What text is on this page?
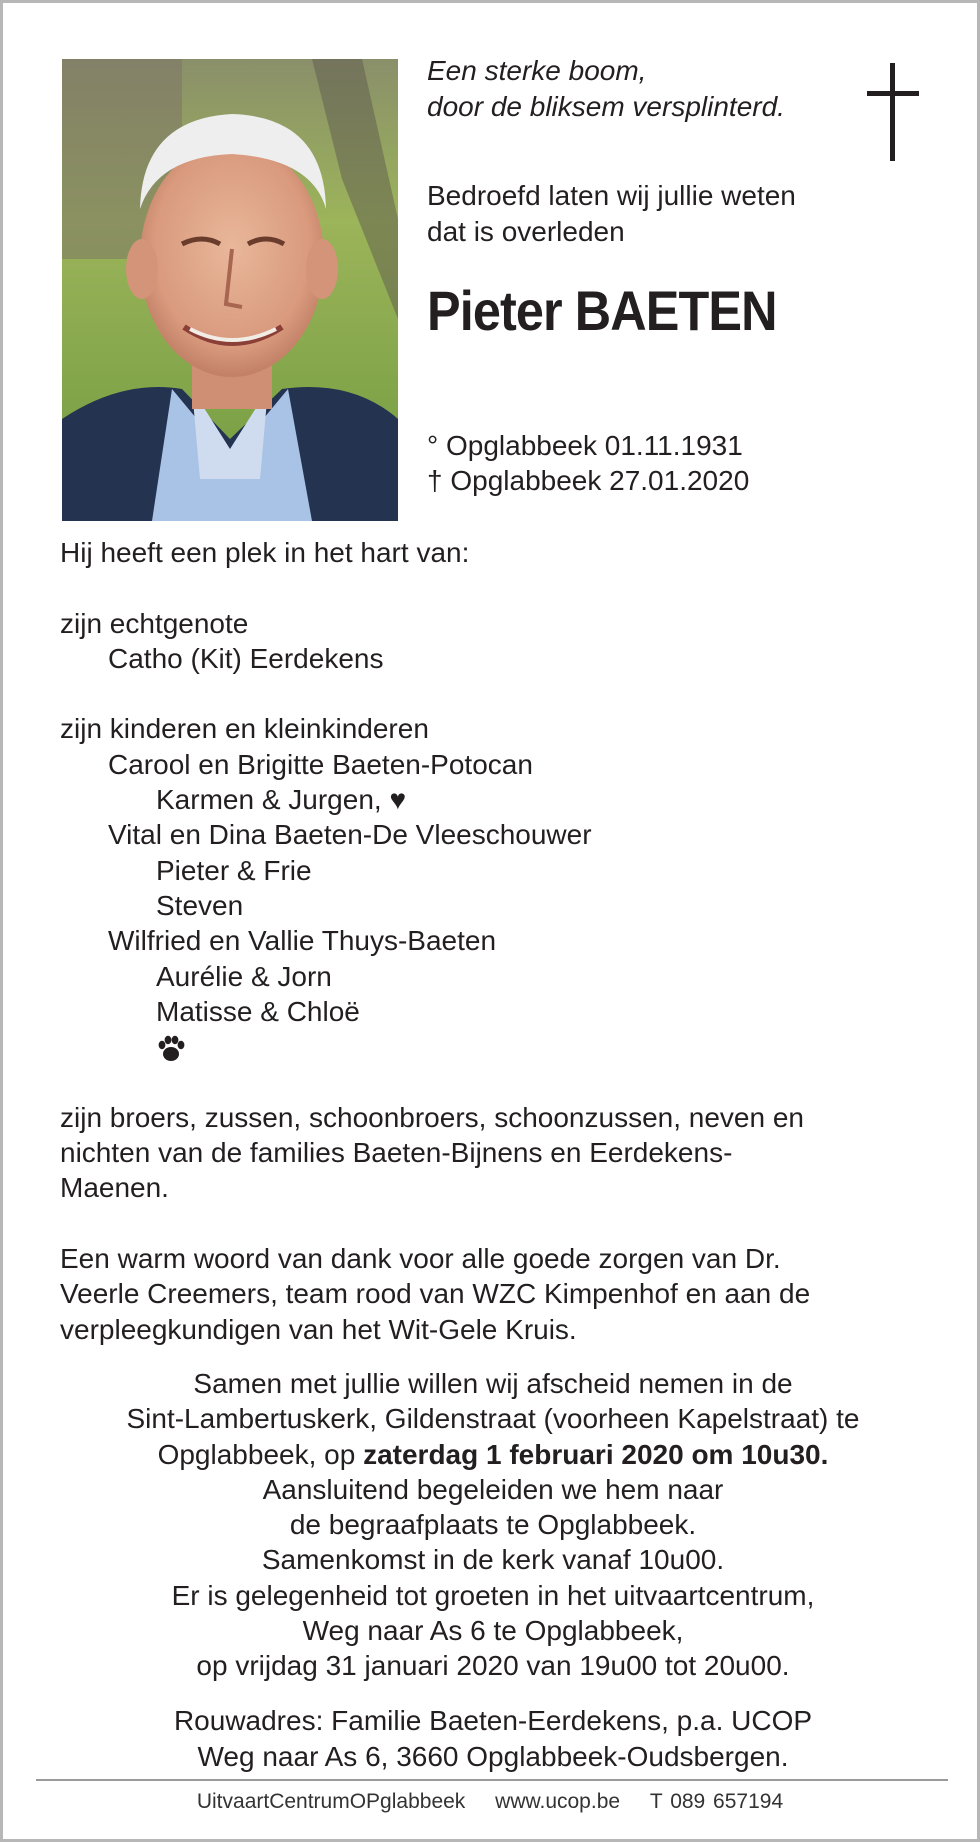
Een sterke boom,
door de bliksem versplinterd.
Bedroefd laten wij jullie weten
dat is overleden
Pieter BAETEN
° Opglabbeek 01.11.1931
† Opglabbeek 27.01.2020
Hij heeft een plek in het hart van:
zijn echtgenote
Catho (Kit) Eerdekens
zijn kinderen en kleinkinderen
Carool en Brigitte Baeten-Potocan
Karmen & Jurgen, ♥
Vital en Dina Baeten-De Vleeschouwer
Pieter & Frie
Steven
Wilfried en Vallie Thuys-Baeten
Aurélie & Jorn
Matisse & Chloë
zijn broers, zussen, schoonbroers, schoonzussen, neven en
nichten van de families Baeten-Bijnens en Eerdekens-
Maenen.
Een warm woord van dank voor alle goede zorgen van Dr.
Veerle Creemers, team rood van WZC Kimpenhof en aan de
verpleegkundigen van het Wit-Gele Kruis.
Samen met jullie willen wij afscheid nemen in de
Sint-Lambertuskerk, Gildenstraat (voorheen Kapelstraat) te
Opglabbeek, op zaterdag 1 februari 2020 om 10u30.
Aansluitend begeleiden we hem naar
de begraafplaats te Opglabbeek.
Samenkomst in de kerk vanaf 10u00.
Er is gelegenheid tot groeten in het uitvaartcentrum,
Weg naar As 6 te Opglabbeek,
op vrijdag 31 januari 2020 van 19u00 tot 20u00.
Rouwadres: Familie Baeten-Eerdekens, p.a. UCOP
Weg naar As 6, 3660 Opglabbeek-Oudsbergen.
UitvaartCentrumOPglabbeek www.ucop.be T 089 657194
